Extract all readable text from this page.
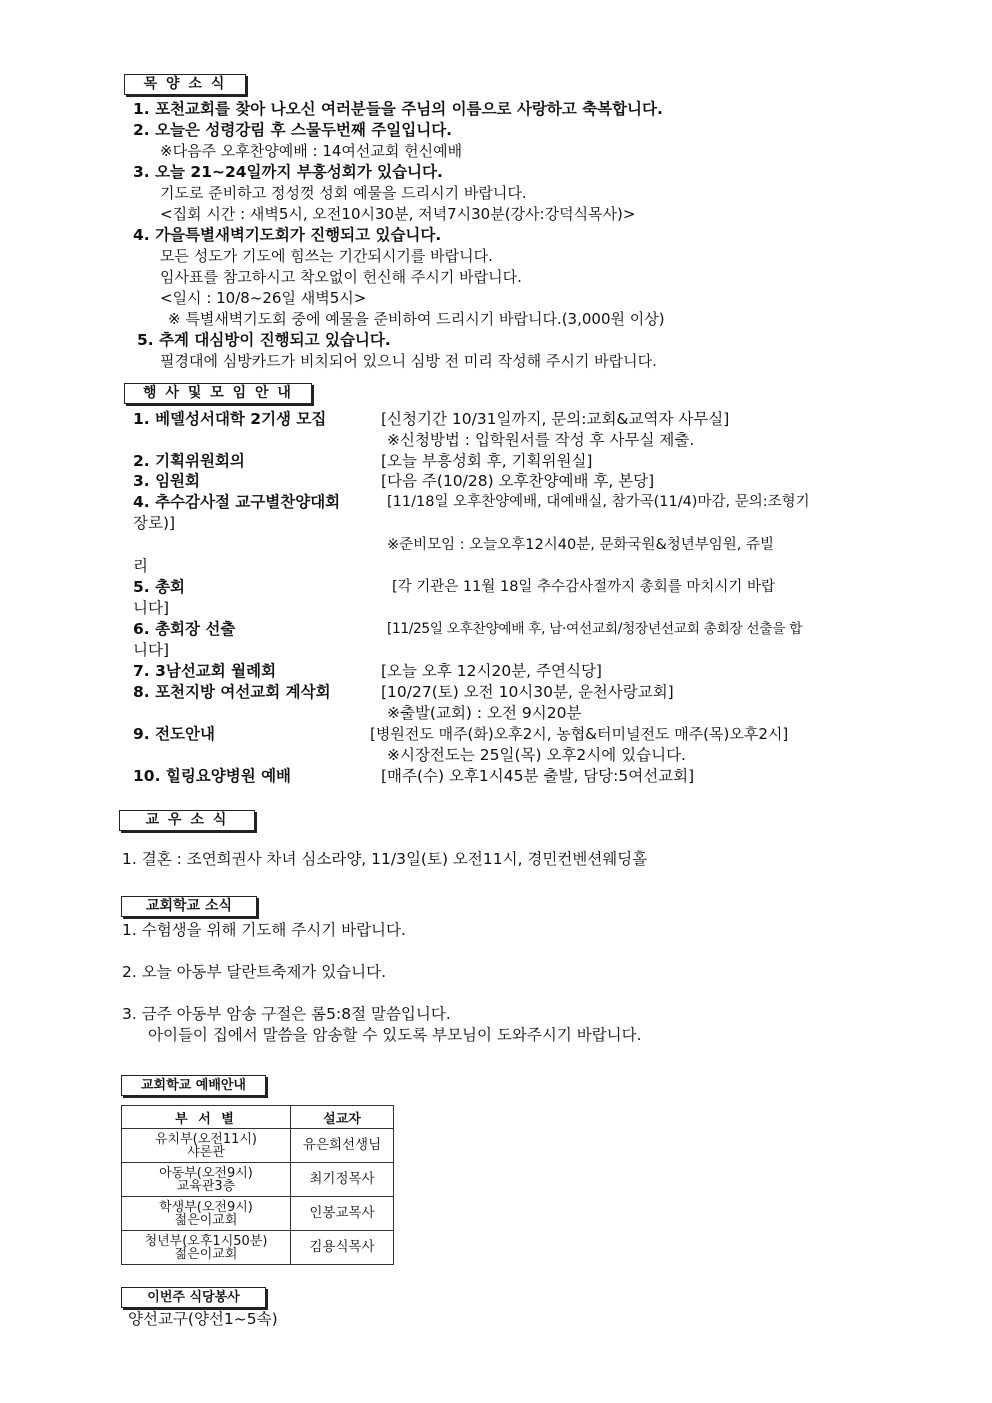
목 양 소 식
1. 포천교회를 찾아 나오신 여러분들을 주님의 이름으로 사랑하고 축복합니다.
2. 오늘은 성령강림 후 스물두번째 주일입니다.
※다음주 오후찬양예배 : 14여선교회 헌신예배
3. 오늘 21~24일까지 부흥성회가 있습니다.
기도로 준비하고 정성껏 성회 예물을 드리시기 바랍니다.
<집회 시간 : 새벽5시, 오전10시30분, 저녁7시30분(강사:강덕식목사)>
4. 가을특별새벽기도회가 진행되고 있습니다.
모든 성도가 기도에 힘쓰는 기간되시기를 바랍니다.
임사표를 참고하시고 착오없이 헌신해 주시기 바랍니다.
<일시 : 10/8~26일 새벽5시>
※ 특별새벽기도회 중에 예물을 준비하여 드리시기 바랍니다.(3,000원 이상)
5. 추계 대심방이 진행되고 있습니다.
필경대에 심방카드가 비치되어 있으니 심방 전 미리 작성해 주시기 바랍니다.
행 사 및 모 임 안 내
1. 베델성서대학 2기생 모집	[신청기간 10/31일까지, 문의:교회&교역자 사무실]
※신청방법 : 입학원서를 작성 후 사무실 제출.
2. 기획위원회의	[오늘 부흥성회 후, 기획위원실]
3. 임원회	[다음 주(10/28) 오후찬양예배 후, 본당]
4. 추수감사절 교구별찬양대회	[11/18일 오후찬양예배, 대예배실, 참가곡(11/4)마감, 문의:조형기
장로)]
※준비모임 : 오늘오후12시40분, 문화국원&청년부임원, 쥬빌
리
5. 총회	[각 기관은 11월 18일 추수감사절까지 총회를 마치시기 바랍
니다]
6. 총회장 선출	[11/25일 오후찬양예배 후, 남·여선교회/청장년선교회 총회장 선출을 합
니다]
7. 3남선교회 월례회	[오늘 오후 12시20분, 주연식당]
8. 포천지방 여선교회 계삭회	[10/27(토) 오전 10시30분, 운천사랑교회]
※출발(교회) : 오전 9시20분
9. 전도안내	[병원전도 매주(화)오후2시, 농협&터미널전도 매주(목)오후2시]
※시장전도는 25일(목) 오후2시에 있습니다.
10. 힐링요양병원 예배	[매주(수) 오후1시45분 출발, 담당:5여선교회]
교 우 소 식
1. 결혼 : 조연희권사 차녀 심소라양, 11/3일(토) 오전11시, 경민컨벤션웨딩홀
교회학교 소식
1. 수험생을 위해 기도해 주시기 바랍니다.
2. 오늘 아동부 달란트축제가 있습니다.
3. 금주 아동부 암송 구절은 롬5:8절 말씀입니다.
아이들이 집에서 말씀을 암송할 수 있도록 부모님이 도와주시기 바랍니다.
교회학교 예배안내
부 서 별	설교자
유치부(오전11시)
샤론관	유은희선생님
아동부(오전9시)
교육관3층	최기정목사
학생부(오전9시)
젊은이교회	인봉교목사
청년부(오후1시50분)
젊은이교회	김용식목사
이번주 식당봉사
양선교구(양선1~5속)
